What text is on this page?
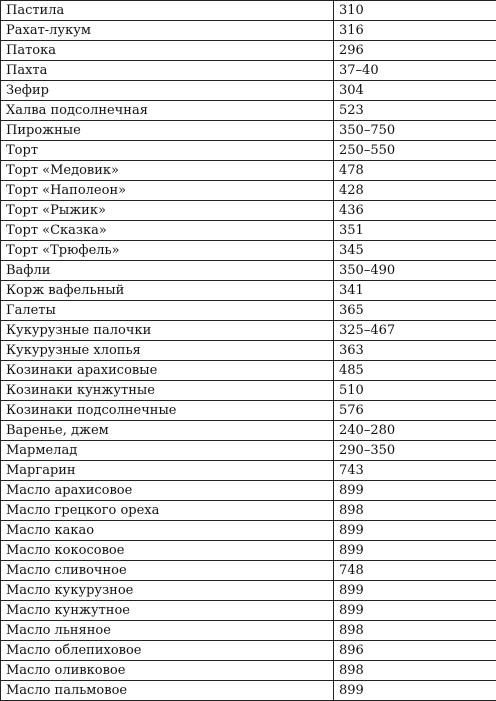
Пастила	310
Рахат-лукум	316
Патока	296
Пахта	37–40
Зефир	304
Халва подсолнечная	523
Пирожные	350–750
Торт	250–550
Торт «Медовик»	478
Торт «Наполеон»	428
Торт «Рыжик»	436
Торт «Сказка»	351
Торт «Трюфель»	345
Вафли	350–490
Корж вафельный	341
Галеты	365
Кукурузные палочки	325–467
Кукурузные хлопья	363
Козинаки арахисовые	485
Козинаки кунжутные	510
Козинаки подсолнечные	576
Варенье, джем	240–280
Мармелад	290–350
Маргарин	743
Масло арахисовое	899
Масло грецкого ореха	898
Масло какао	899
Масло кокосовое	899
Масло сливочное	748
Масло кукурузное	899
Масло кунжутное	899
Масло льняное	898
Масло облепиховое	896
Масло оливковое	898
Масло пальмовое	899
